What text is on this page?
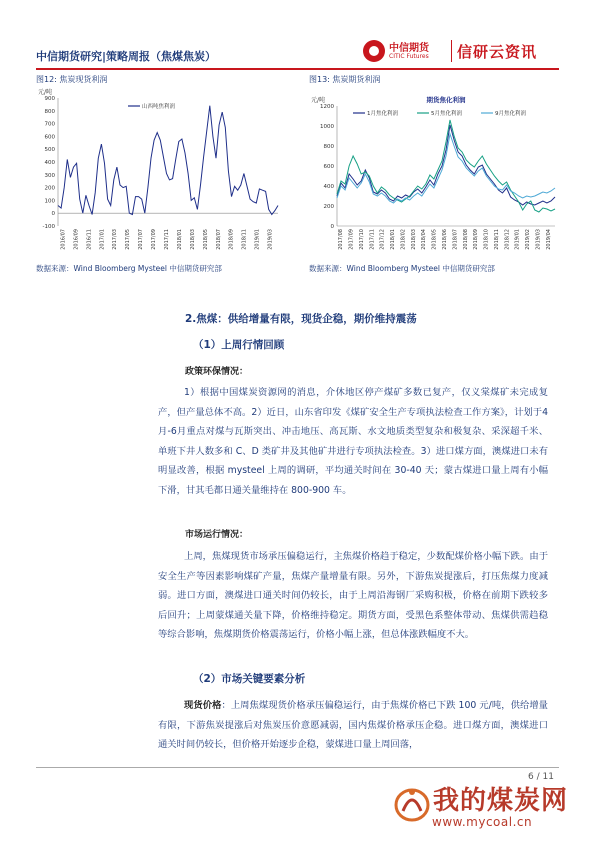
中信期货研究|策略周报（焦煤焦炭）
中信期货
CITIC Futures 信研云资讯
图12: 焦炭现货利润
元/吨
900
800
700
600
500
400
300
200
100
0
-100
2016/07 2016/09 2016/11 2017/01 2017/03 2017/05 2017/07 2017/09 2017/11 2018/01 2018/03 2018/05 2018/07 2018/09 2018/11 2019/01 2019/03
山西吨焦利润
数据来源：Wind Bloomberg Mysteel 中信期货研究部
图13: 焦炭期货利润
元/吨
1200
1000
800
600
400
200
0
2017/08 2017/09 2017/10 2017/11 2017/12 2018/01 2018/02 2018/03 2018/04 2018/05 2018/06 2018/07 2018/08 2018/09 2018/10 2018/11 2018/12 2019/01 2019/02 2019/03 2019/04
期货焦化利润
1月焦化利润	5月焦化利润	9月焦化利润
数据来源：Wind Bloomberg Mysteel 中信期货研究部
2.焦煤：供给增量有限，现货企稳，期价维持震荡
（1）上周行情回顾
政策环保情况：
1）根据中国煤炭资源网的消息，介休地区停产煤矿多数已复产，仅义棠煤矿未完成复产，但产量总体不高。2）近日，山东省印发《煤矿安全生产专项执法检查工作方案》，计划于4月-6月重点对煤与瓦斯突出、冲击地压、高瓦斯、水文地质类型复杂和极复杂、采深超千米、单班下井人数多和 C、D 类矿井及其他矿井进行专项执法检查。3）进口煤方面，澳煤进口未有明显改善，根据 mysteel 上周的调研，平均通关时间在 30-40 天；蒙古煤进口量上周有小幅下滑，甘其毛都日通关量维持在 800-900 车。
市场运行情况：
上周，焦煤现货市场承压偏稳运行，主焦煤价格趋于稳定，少数配煤价格小幅下跌。由于安全生产等因素影响煤矿产量，焦煤产量增量有限。另外，下游焦炭提涨后，打压焦煤力度减弱。进口方面，澳煤进口通关时间仍较长，由于上周沿海钢厂采购积极，价格在前期下跌较多后回升；上周蒙煤通关量下降，价格维持稳定。期货方面，受黑色系整体带动、焦煤供需趋稳等综合影响，焦煤期货价格震荡运行，价格小幅上涨，但总体涨跌幅度不大。
（2）市场关键要素分析
现货价格：上周焦煤现货价格承压偏稳运行，由于焦煤价格已下跌 100 元/吨，供给增量有限，下游焦炭提涨后对焦炭压价意愿减弱，国内焦煤价格承压企稳。进口煤方面，澳煤进口通关时间仍较长，但价格开始逐步企稳，蒙煤进口量上周回落，
6 / 11
我的煤炭网
www.mycoal.cn
